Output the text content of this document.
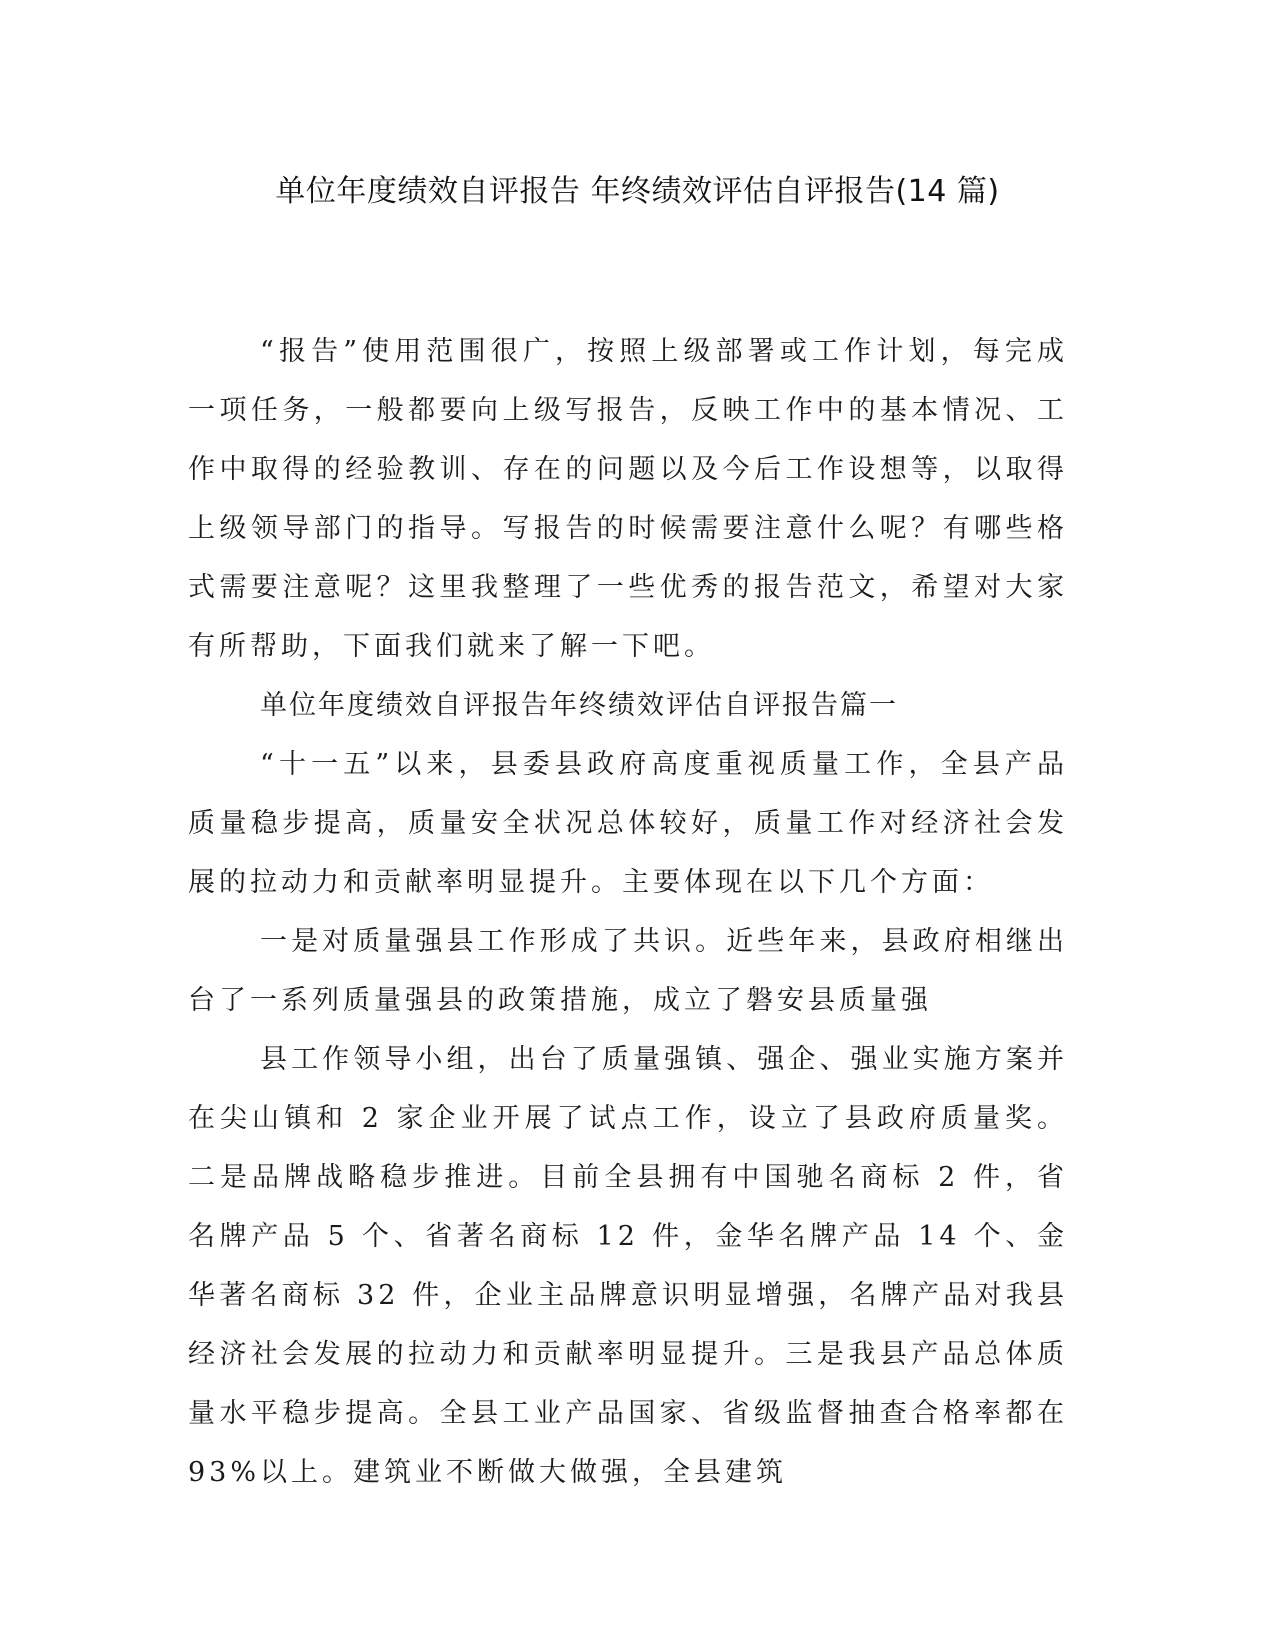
单位年度绩效自评报告 年终绩效评估自评报告(14 篇)

“报告”使用范围很广，按照上级部署或工作计划，每完成一项任务，一般都要向上级写报告，反映工作中的基本情况、工作中取得的经验教训、存在的问题以及今后工作设想等，以取得上级领导部门的指导。写报告的时候需要注意什么呢？有哪些格式需要注意呢？这里我整理了一些优秀的报告范文，希望对大家有所帮助，下面我们就来了解一下吧。

单位年度绩效自评报告年终绩效评估自评报告篇一

“十一五”以来，县委县政府高度重视质量工作，全县产品质量稳步提高，质量安全状况总体较好，质量工作对经济社会发展的拉动力和贡献率明显提升。主要体现在以下几个方面：

一是对质量强县工作形成了共识。近些年来，县政府相继出台了一系列质量强县的政策措施，成立了磐安县质量强

县工作领导小组，出台了质量强镇、强企、强业实施方案并在尖山镇和 2 家企业开展了试点工作，设立了县政府质量奖。二是品牌战略稳步推进。目前全县拥有中国驰名商标 2 件，省名牌产品 5 个、省著名商标 12 件，金华名牌产品 14 个、金华著名商标 32 件，企业主品牌意识明显增强，名牌产品对我县经济社会发展的拉动力和贡献率明显提升。三是我县产品总体质量水平稳步提高。全县工业产品国家、省级监督抽查合格率都在 93%以上。建筑业不断做大做强，全县建筑
